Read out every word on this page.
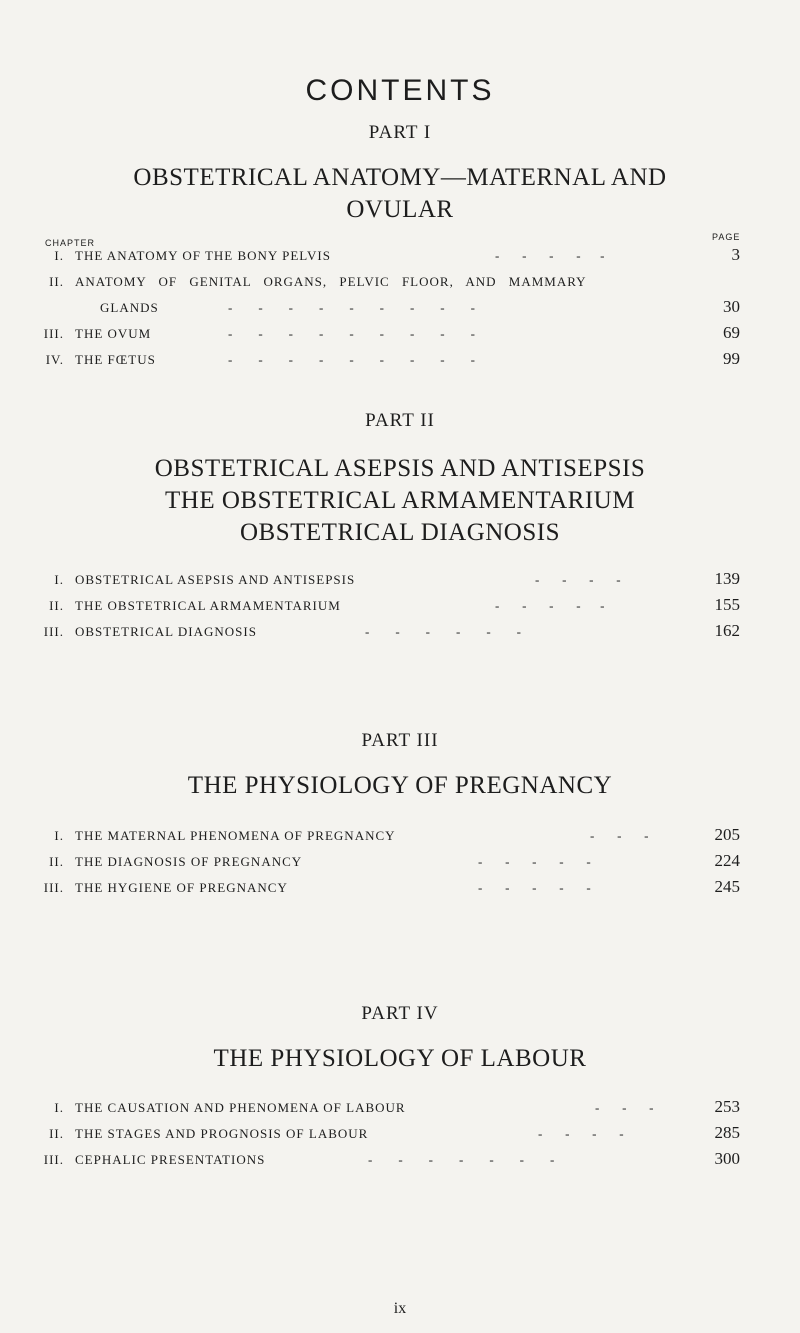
CONTENTS
PART I
OBSTETRICAL ANATOMY—MATERNAL AND
OVULAR
CHAPTER
PAGE
I. THE ANATOMY OF THE BONY PELVIS	-       -       -       -      -	3
II. ANATOMY OF GENITAL ORGANS, PELVIC FLOOR, AND MAMMARY
GLANDS	-        -        -        -        -        -        -        -        -	30
III. THE OVUM	-        -        -        -        -        -        -        -        -	69
IV. THE FŒTUS	-        -        -        -        -        -        -        -        -	99
PART II
OBSTETRICAL ASEPSIS AND ANTISEPSIS
THE OBSTETRICAL ARMAMENTARIUM
OBSTETRICAL DIAGNOSIS
I. OBSTETRICAL ASEPSIS AND ANTISEPSIS	-       -       -       -	139
II. THE OBSTETRICAL ARMAMENTARIUM	-       -       -       -      -	155
III. OBSTETRICAL DIAGNOSIS	-        -        -        -        -        -	162
PART III
THE PHYSIOLOGY OF PREGNANCY
I. THE MATERNAL PHENOMENA OF PREGNANCY	-       -       -	205
II. THE DIAGNOSIS OF PREGNANCY	-       -       -       -       -	224
III. THE HYGIENE OF PREGNANCY	-       -       -       -       -	245
PART IV
THE PHYSIOLOGY OF LABOUR
I. THE CAUSATION AND PHENOMENA OF LABOUR	-       -       -	253
II. THE STAGES AND PROGNOSIS OF LABOUR	-       -       -       -	285
III. CEPHALIC PRESENTATIONS	-        -        -        -        -        -        -	300
ix
